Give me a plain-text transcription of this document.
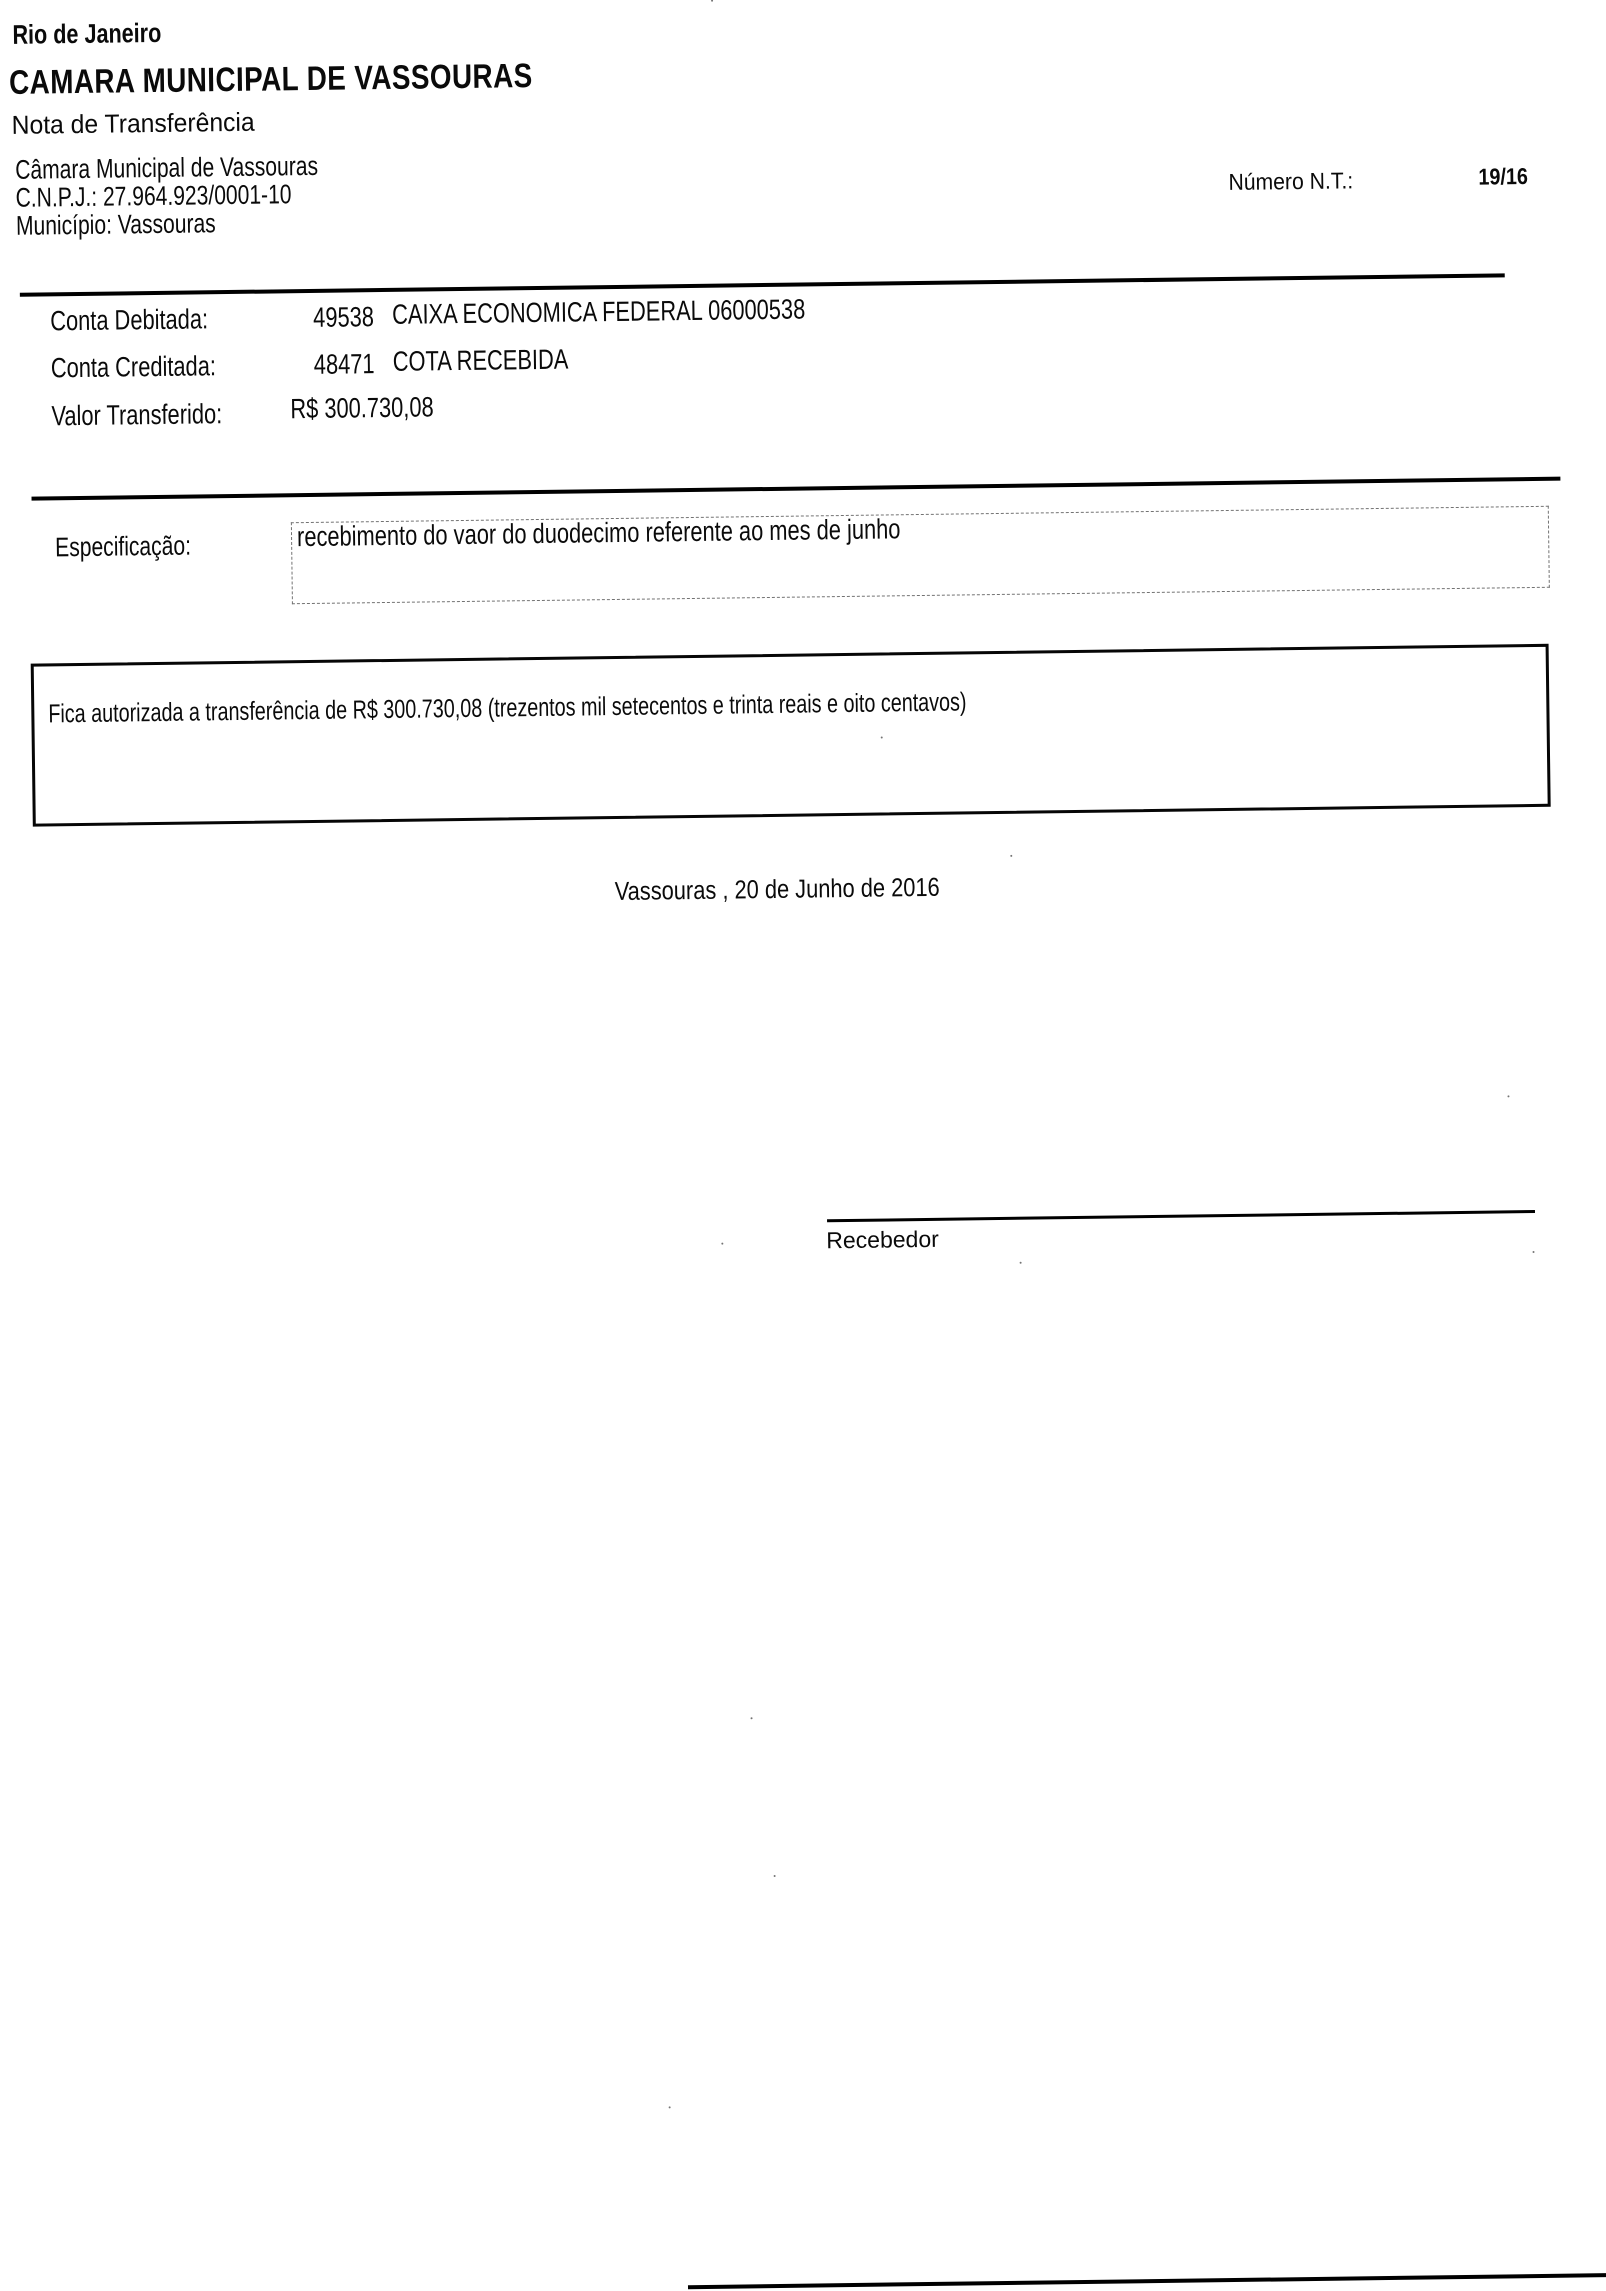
Rio de Janeiro
CAMARA MUNICIPAL DE VASSOURAS
Nota de Transferência
Câmara Municipal de Vassouras
C.N.P.J.: 27.964.923/0001-10
Município: Vassouras
Número N.T.:	19/16
Conta Debitada:	49538 CAIXA ECONOMICA FEDERAL 06000538
Conta Creditada:	48471 COTA RECEBIDA
Valor Transferido: R$ 300.730,08
Especificação:	recebimento do vaor do duodecimo referente ao mes de junho
Fica autorizada a transferência de R$ 300.730,08 (trezentos mil setecentos e trinta reais e oito centavos)
Vassouras , 20 de Junho de 2016
Recebedor
